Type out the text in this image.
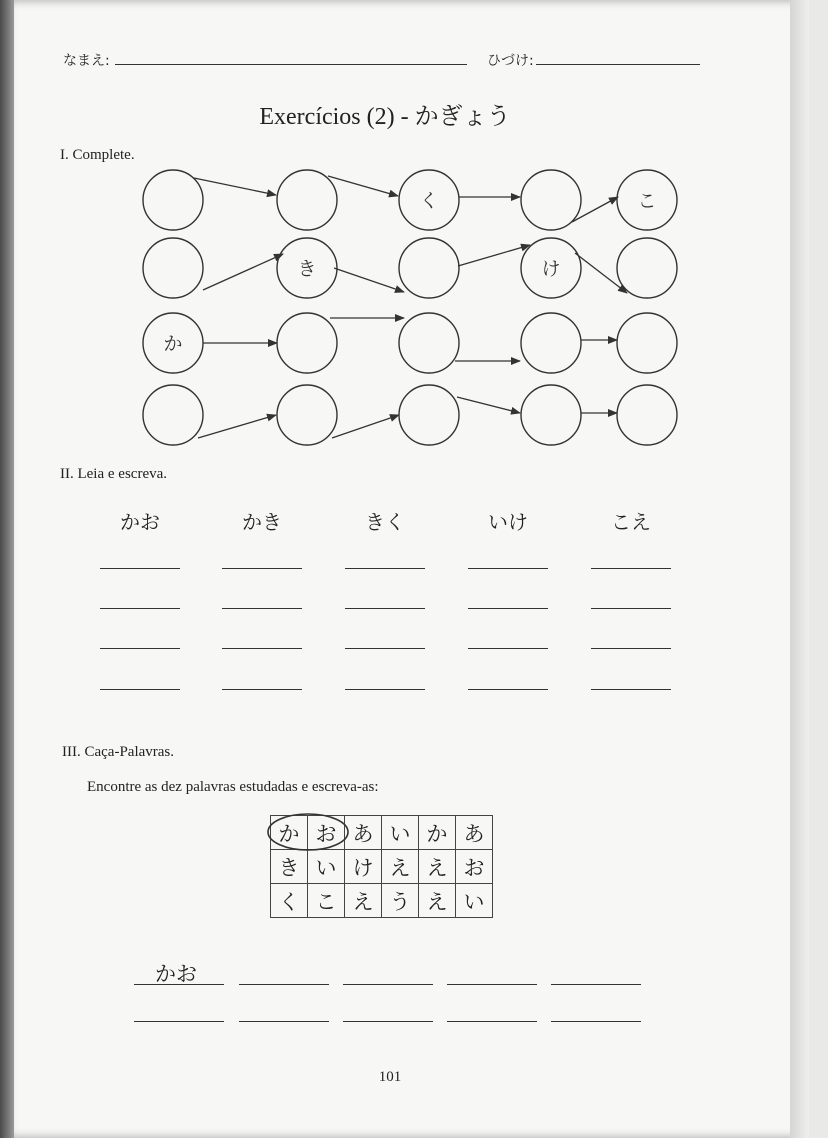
なまえ:	ひづけ:
Exercícios (2) - かぎょう
I. Complete.
く	こ
き	け
か
II. Leia e escreva.
かお	かき	きく	いけ	こえ
III. Caça-Palavras.
Encontre as dez palavras estudadas e escreva-as:
か	お	あ	い	か	あ
き	い	け	え	え	お
く	こ	え	う	え	い
かお
101
